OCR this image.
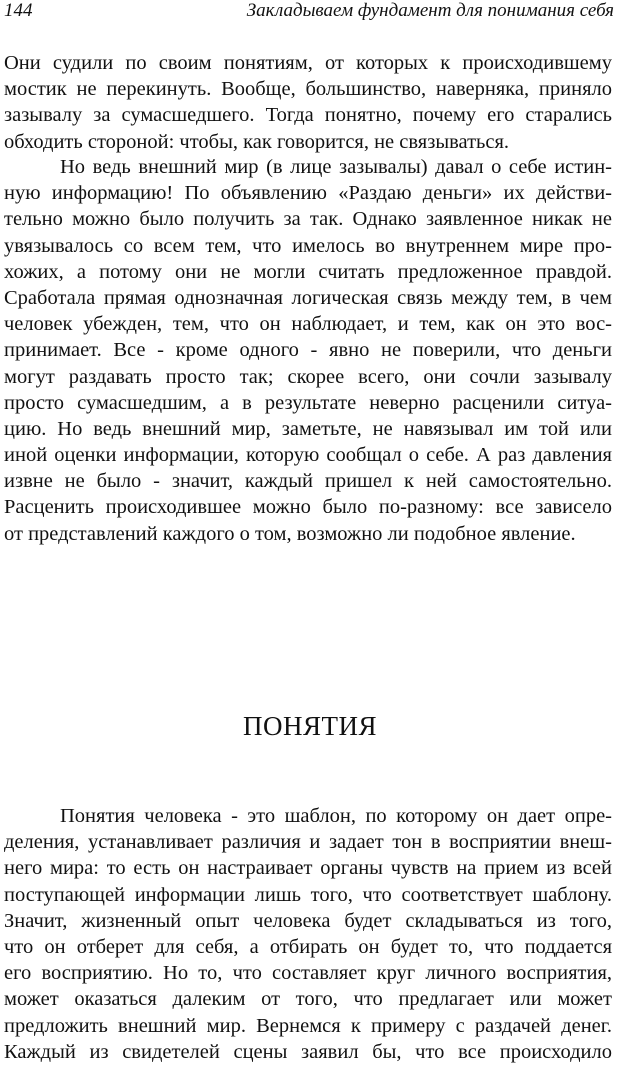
144	Закладываем фундамент для понимания себя
Они судили по своим понятиям, от которых к происходившему
мостик не перекинуть. Вообще, большинство, наверняка, приняло
зазывалу за сумасшедшего. Тогда понятно, почему его старались
обходить стороной: чтобы, как говорится, не связываться.
Но ведь внешний мир (в лице зазывалы) давал о себе истин-
ную информацию! По объявлению «Раздаю деньги» их действи-
тельно можно было получить за так. Однако заявленное никак не
увязывалось со всем тем, что имелось во внутреннем мире про-
хожих, а потому они не могли считать предложенное правдой.
Сработала прямая однозначная логическая связь между тем, в чем
человек убежден, тем, что он наблюдает, и тем, как он это вос-
принимает. Все - кроме одного - явно не поверили, что деньги
могут раздавать просто так; скорее всего, они сочли зазывалу
просто сумасшедшим, а в результате неверно расценили ситуа-
цию. Но ведь внешний мир, заметьте, не навязывал им той или
иной оценки информации, которую сообщал о себе. А раз давления
извне не было - значит, каждый пришел к ней самостоятельно.
Расценить происходившее можно было по-разному: все зависело
от представлений каждого о том, возможно ли подобное явление.
ПОНЯТИЯ
Понятия человека - это шаблон, по которому он дает опре-
деления, устанавливает различия и задает тон в восприятии внеш-
него мира: то есть он настраивает органы чувств на прием из всей
поступающей информации лишь того, что соответствует шаблону.
Значит, жизненный опыт человека будет складываться из того,
что он отберет для себя, а отбирать он будет то, что поддается
его восприятию. Но то, что составляет круг личного восприятия,
может оказаться далеким от того, что предлагает или может
предложить внешний мир. Вернемся к примеру с раздачей денег.
Каждый из свидетелей сцены заявил бы, что все происходило
